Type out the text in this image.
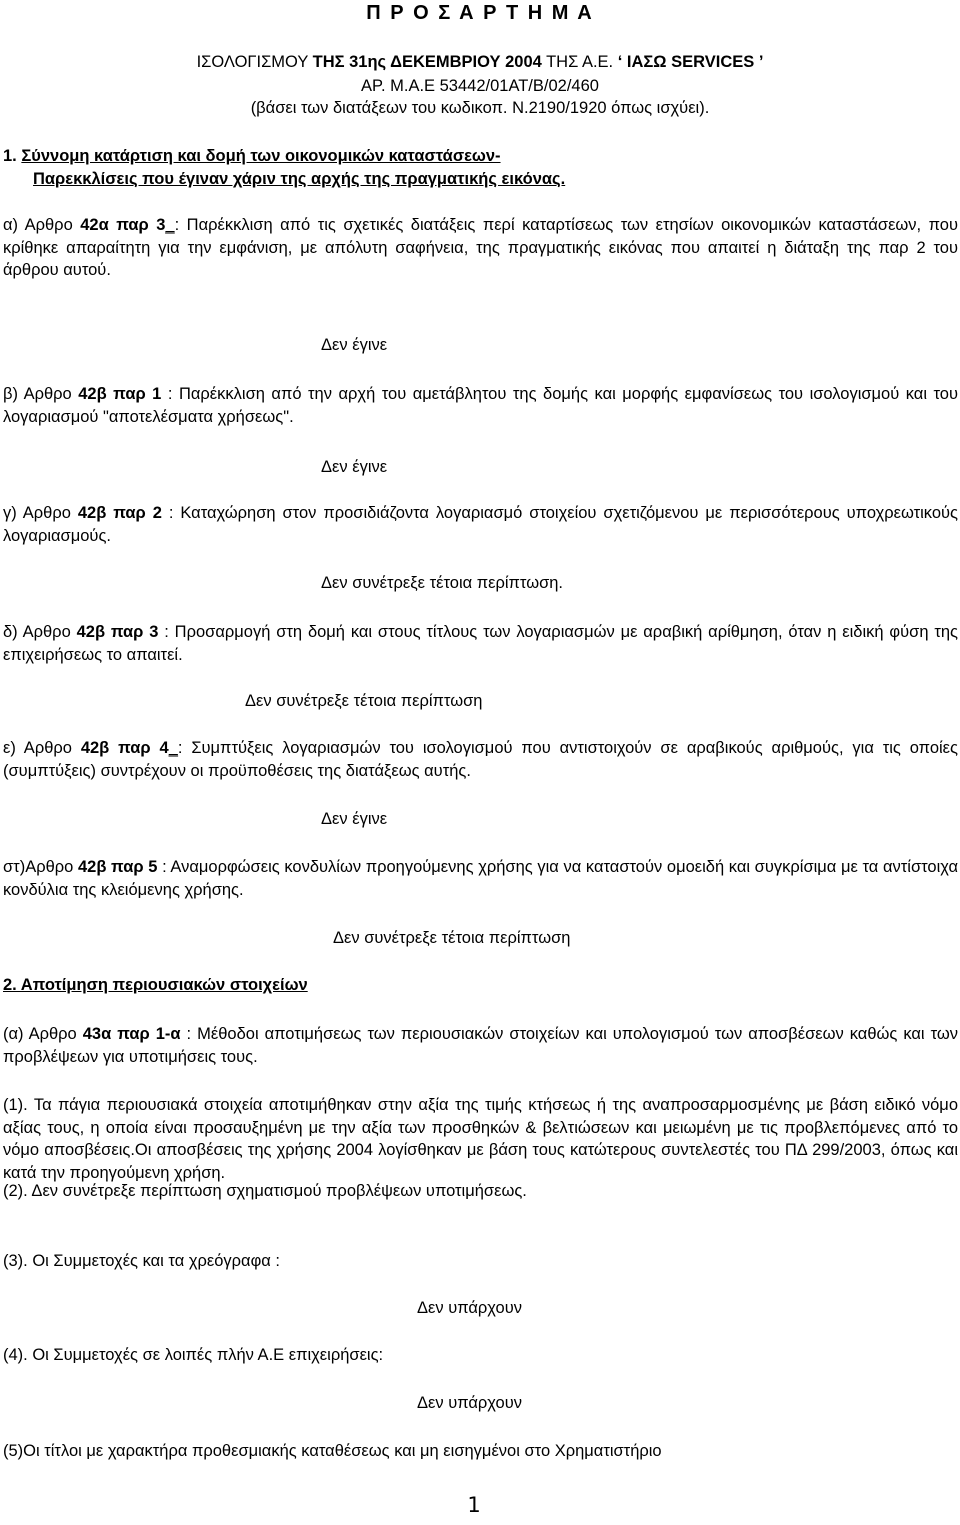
Π Ρ Ο Σ Α Ρ Τ Η Μ Α
ΙΣΟΛΟΓΙΣΜΟΥ ΤΗΣ 31ης ΔΕΚΕΜΒΡΙΟΥ 2004 ΤΗΣ Α.Ε. ‘ ΙΑΣΩ SERVICES ’
ΑΡ. Μ.Α.Ε 53442/01ΑΤ/Β/02/460
(βάσει των διατάξεων του κωδικοπ. Ν.2190/1920 όπως ισχύει).
1. Σύννομη κατάρτιση και δομή των οικονομικών καταστάσεων-
Παρεκκλίσεις που έγιναν χάριν της αρχής της πραγματικής εικόνας.

α) Αρθρο 42α παρ 3_: Παρέκκλιση από τις σχετικές διατάξεις περί καταρτίσεως των ετησίων οικονομικών καταστάσεων, που κρίθηκε απαραίτητη για την εμφάνιση, με απόλυτη σαφήνεια, της πραγματικής εικόνας που απαιτεί η διάταξη της παρ 2 του άρθρου αυτού.

Δεν έγινε

β) Αρθρο 42β παρ 1 : Παρέκκλιση από την αρχή του αμετάβλητου της δομής και μορφής εμφανίσεως του ισολογισμού και του λογαριασμού "αποτελέσματα χρήσεως".

Δεν έγινε

γ) Αρθρο 42β παρ 2 : Καταχώρηση στον προσιδιάζοντα λογαριασμό στοιχείου σχετιζόμενου με περισσότερους υποχρεωτικούς λογαριασμούς.

Δεν συνέτρεξε τέτοια περίπτωση.

δ) Αρθρο 42β παρ 3 : Προσαρμογή στη δομή και στους τίτλους των λογαριασμών με αραβική αρίθμηση, όταν η ειδική φύση της επιχειρήσεως το απαιτεί.

Δεν συνέτρεξε τέτοια περίπτωση

ε) Αρθρο 42β παρ 4_: Συμπτύξεις λογαριασμών του ισολογισμού που αντιστοιχούν σε αραβικούς αριθμούς, για τις οποίες (συμπτύξεις) συντρέχουν οι προϋποθέσεις της διατάξεως αυτής.

Δεν έγινε

στ)Αρθρο 42β παρ 5 : Αναμορφώσεις κονδυλίων προηγούμενης χρήσης για να καταστούν ομοειδή και συγκρίσιμα με τα αντίστοιχα κονδύλια της κλειόμενης χρήσης.

Δεν συνέτρεξε τέτοια περίπτωση
2. Αποτίμηση περιουσιακών στοιχείων

(α) Αρθρο 43α παρ 1-α : Μέθοδοι αποτιμήσεως των περιουσιακών στοιχείων και υπολογισμού των αποσβέσεων καθώς και των προβλέψεων για υποτιμήσεις τους.

(1). Τα πάγια περιουσιακά στοιχεία αποτιμήθηκαν στην αξία της τιμής κτήσεως ή της αναπροσαρμοσμένης με βάση ειδικό νόμο αξίας τους, η οποία είναι προσαυξημένη με την αξία των προσθηκών & βελτιώσεων και μειωμένη με τις προβλεπόμενες από το νόμο αποσβέσεις.Οι αποσβέσεις της χρήσης 2004 λογίσθηκαν με βάση τους κατώτερους συντελεστές του ΠΔ 299/2003, όπως και κατά την προηγούμενη χρήση.

(2). Δεν συνέτρεξε περίπτωση σχηματισμού προβλέψεων υποτιμήσεως.
(3). Οι Συμμετοχές και τα χρεόγραφα :
Δεν υπάρχουν
(4). Οι Συμμετοχές σε λοιπές πλήν Α.Ε επιχειρήσεις:
Δεν υπάρχουν
(5)Οι τίτλοι με χαρακτήρα προθεσμιακής καταθέσεως και μη εισηγμένοι στο Χρηματιστήριο
1
